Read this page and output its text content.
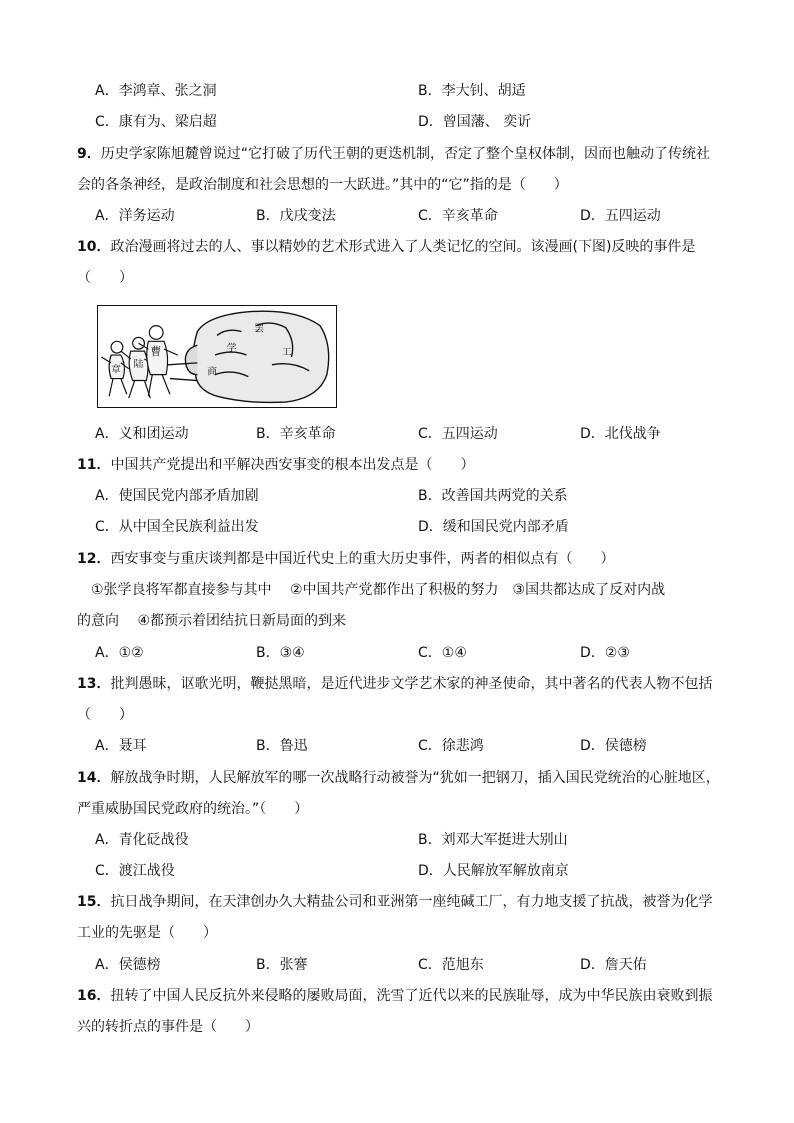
A．李鸿章、张之洞	B．李大钊、胡适
C．康有为、梁启超	D．曾国藩、 奕䜣
9．历史学家陈旭麓曾说过“它打破了历代王朝的更迭机制，否定了整个皇权体制，因而也触动了传统社
会的各条神经，是政治制度和社会思想的一大跃进。”其中的“它”指的是（　　）
A．洋务运动	B．戊戌变法	C．辛亥革命	D．五四运动
10．政治漫画将过去的人、事以精妙的艺术形式进入了人类记忆的空间。该漫画(下图)反映的事件是
（　　）
章
陆
曹
罢
学	工
商
A．义和团运动	B．辛亥革命	C．五四运动	D．北伐战争
11．中国共产党提出和平解决西安事变的根本出发点是（　　）
A．使国民党内部矛盾加剧	B．改善国共两党的关系
C．从中国全民族利益出发	D．缓和国民党内部矛盾
12．西安事变与重庆谈判都是中国近代史上的重大历史事件，两者的相似点有（　　）
　①张学良将军都直接参与其中　 ②中国共产党都作出了积极的努力　③国共都达成了反对内战
的意向　 ④都预示着团结抗日新局面的到来
A．①②	B．③④	C．①④	D．②③
13．批判愚昧，讴歌光明，鞭挞黑暗，是近代进步文学艺术家的神圣使命，其中著名的代表人物不包括
（　　）
A．聂耳	B．鲁迅	C．徐悲鸿	D．侯德榜
14．解放战争时期，人民解放军的哪一次战略行动被誉为“犹如一把钢刀，插入国民党统治的心脏地区，
严重威胁国民党政府的统治。”（　　）
A．青化砭战役	B．刘邓大军挺进大别山
C．渡江战役	D．人民解放军解放南京
15．抗日战争期间，在天津创办久大精盐公司和亚洲第一座纯碱工厂，有力地支援了抗战，被誉为化学
工业的先驱是（　　）
A．侯德榜	B．张謇	C．范旭东	D．詹天佑
16．扭转了中国人民反抗外来侵略的屡败局面，洗雪了近代以来的民族耻辱，成为中华民族由衰败到振
兴的转折点的事件是（　　）
